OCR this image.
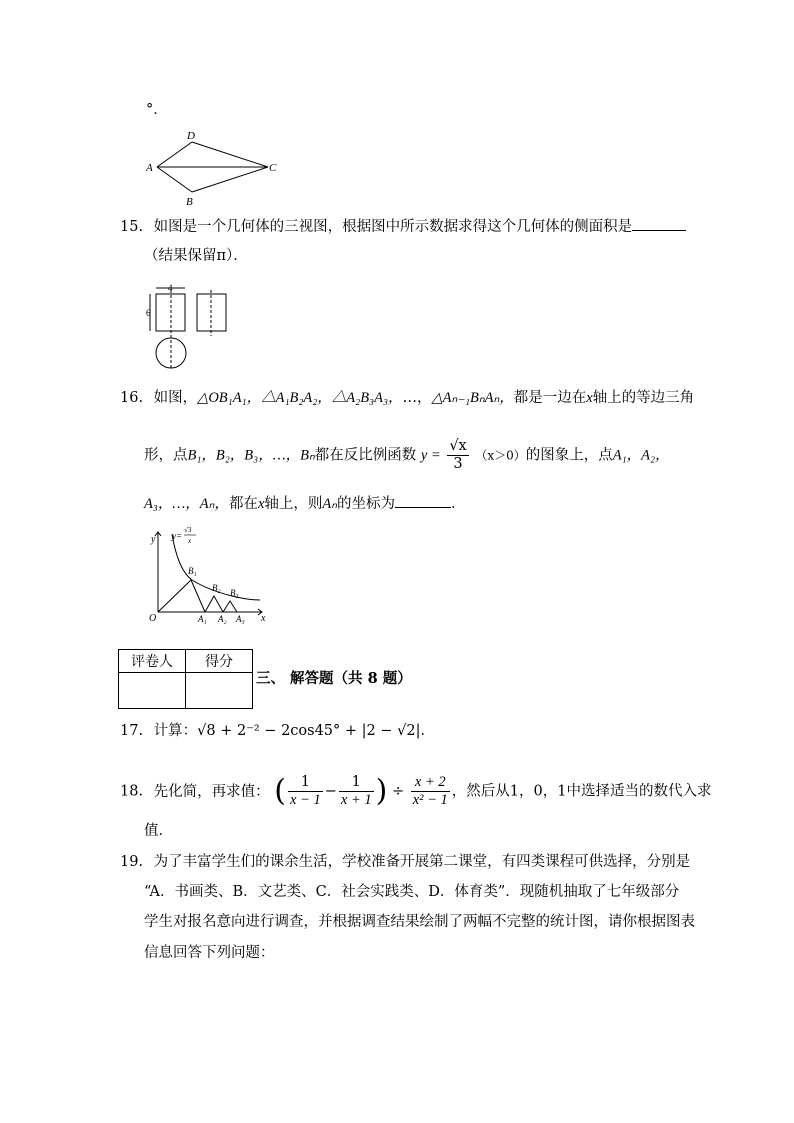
°．
D
A	C
B
15. 如图是一个几何体的三视图，根据图中所示数据求得这个几何体的侧面积是
（结果保留π）．
4
6
16. 如图，△OB₁A₁，△A₁B₂A₂，△A₂B₃A₃，…，△Aₙ₋₁BₙAₙ，都是一边在x轴上的等边三角
形，点B₁，B₂，B₃，…，Bₙ都在反比例函数 $y = \frac{√x}{3} (x>0)$的图象上，点A₁，A₂，
A₃，…，Aₙ，都在x轴上，则Aₙ的坐标为	．
y y=
√3
x
x
O
B₁
B₂ B₃
A₁ A₂ A₃
评卷人	得分

三、 解答题（共 8 题）
17. 计算：√8 + 2⁻² − 2cos45° + |2 − √2|．
18. 先化简，再求值： ( $\frac{1}{x - 1} - \frac{1}{x + 1}$ ) ÷ $\frac{x + 2}{\text{x² − 1}}$ ，然后从1，0，1中选择适当的数代入求
值．
19. 为了丰富学生们的课余生活，学校准备开展第二课堂，有四类课程可供选择，分别是
“A．书画类、B．文艺类、C．社会实践类、D．体育类”．现随机抽取了七年级部分
学生对报名意向进行调查，并根据调查结果绘制了两幅不完整的统计图，请你根据图表
信息回答下列问题：
